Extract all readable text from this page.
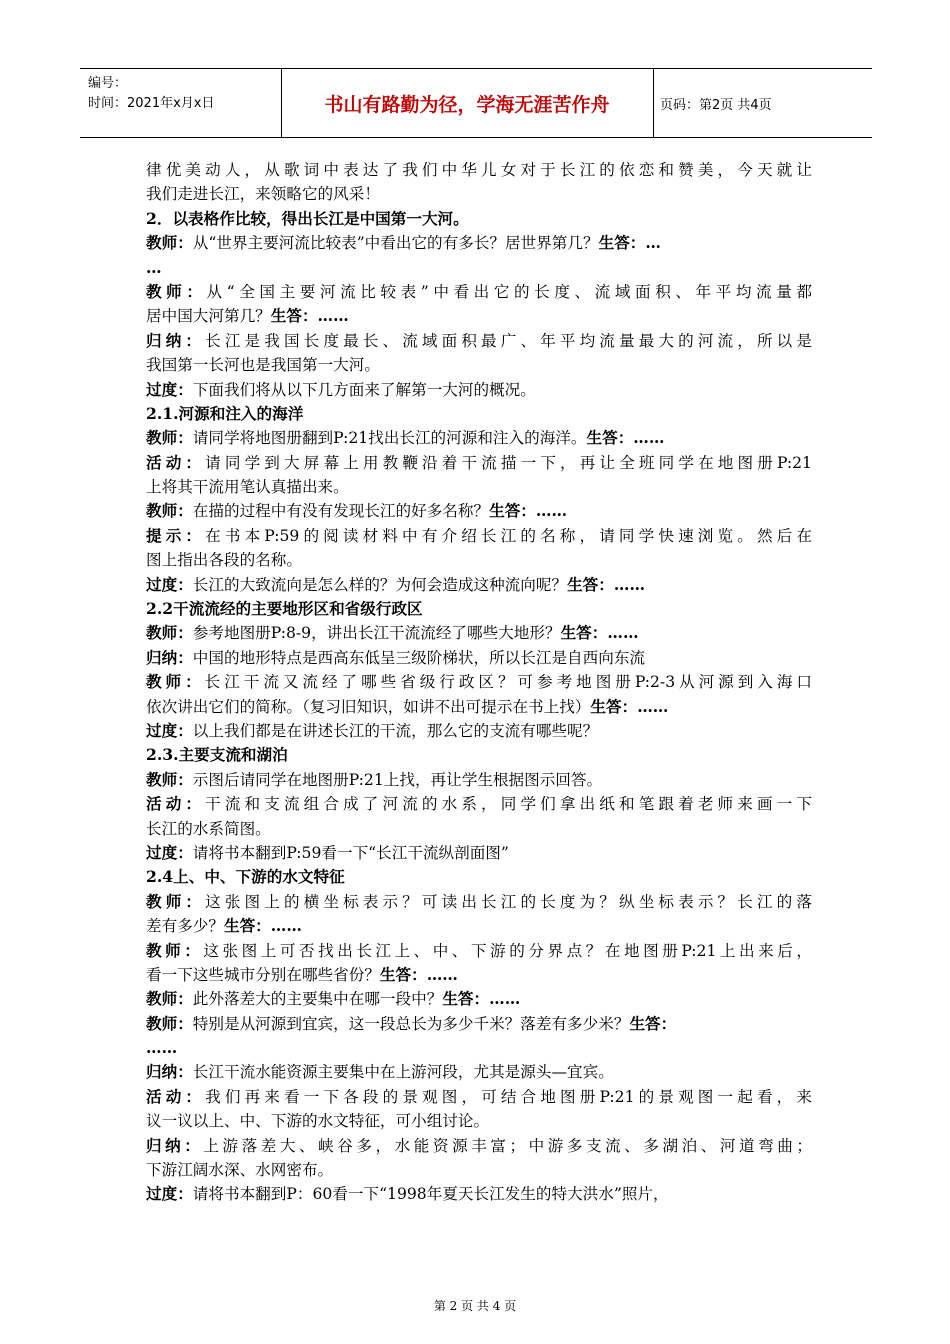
编号：
时间：2021年x月x日	书山有路勤为径，学海无涯苦作舟	页码：第2页 共4页
律优美动人，从歌词中表达了我们中华儿女对于长江的依恋和赞美，今天就让
我们走进长江，来领略它的风采！
2．以表格作比较，得出长江是中国第一大河。
教师：从“世界主要河流比较表”中看出它的有多长？居世界第几？生答：…
…
教师：从“全国主要河流比较表”中看出它的长度、流域面积、年平均流量都
居中国大河第几？生答：……
归纳：长江是我国长度最长、流域面积最广、年平均流量最大的河流，所以是
我国第一长河也是我国第一大河。
过度：下面我们将从以下几方面来了解第一大河的概况。
2.1.河源和注入的海洋
教师：请同学将地图册翻到P:21找出长江的河源和注入的海洋。生答：……
活动：请同学到大屏幕上用教鞭沿着干流描一下，再让全班同学在地图册P:21
上将其干流用笔认真描出来。
教师：在描的过程中有没有发现长江的好多名称？生答：……
提示：在书本P:59的阅读材料中有介绍长江的名称，请同学快速浏览。然后在
图上指出各段的名称。
过度：长江的大致流向是怎么样的？为何会造成这种流向呢？生答：……
2.2干流流经的主要地形区和省级行政区
教师：参考地图册P:8-9，讲出长江干流流经了哪些大地形？生答：……
归纳：中国的地形特点是西高东低呈三级阶梯状，所以长江是自西向东流
教师：长江干流又流经了哪些省级行政区？可参考地图册P:2-3从河源到入海口
依次讲出它们的简称。（复习旧知识，如讲不出可提示在书上找）生答：……
过度：以上我们都是在讲述长江的干流，那么它的支流有哪些呢？
2.3.主要支流和湖泊
教师：示图后请同学在地图册P:21上找，再让学生根据图示回答。
活动：干流和支流组合成了河流的水系，同学们拿出纸和笔跟着老师来画一下
长江的水系简图。
过度：请将书本翻到P:59看一下“长江干流纵剖面图”
2.4上、中、下游的水文特征
教师：这张图上的横坐标表示？可读出长江的长度为？纵坐标表示？长江的落
差有多少？生答：……
教师：这张图上可否找出长江上、中、下游的分界点？在地图册P:21上出来后，
看一下这些城市分别在哪些省份？生答：……
教师：此外落差大的主要集中在哪一段中？生答：……
教师：特别是从河源到宜宾，这一段总长为多少千米？落差有多少米？生答：
……
归纳：长江干流水能资源主要集中在上游河段，尤其是源头—宜宾。
活动：我们再来看一下各段的景观图，可结合地图册P:21的景观图一起看，来
议一议以上、中、下游的水文特征，可小组讨论。
归纳：上游落差大、峡谷多，水能资源丰富；中游多支流、多湖泊、河道弯曲；
下游江阔水深、水网密布。
过度：请将书本翻到P：60看一下“1998年夏天长江发生的特大洪水”照片，
第 2 页 共 4 页
